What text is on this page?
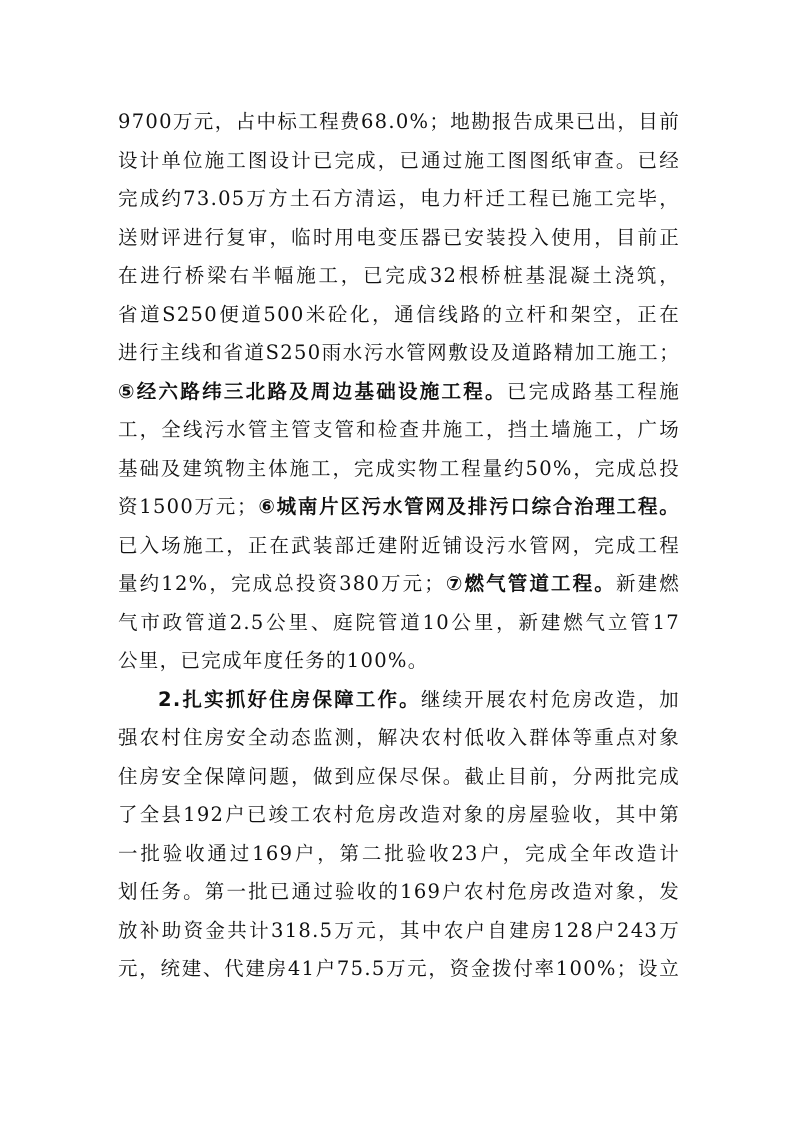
9700万元，占中标工程费68.0%；地勘报告成果已出，目前
设计单位施工图设计已完成，已通过施工图图纸审查。已经
完成约73.05万方土石方清运，电力杆迁工程已施工完毕，
送财评进行复审，临时用电变压器已安装投入使用，目前正
在进行桥梁右半幅施工，已完成32根桥桩基混凝土浇筑，
省道S250便道500米砼化，通信线路的立杆和架空，正在
进行主线和省道S250雨水污水管网敷设及道路精加工施工；
⑤经六路纬三北路及周边基础设施工程。已完成路基工程施
工，全线污水管主管支管和检查井施工，挡土墙施工，广场
基础及建筑物主体施工，完成实物工程量约50%，完成总投
资1500万元；⑥城南片区污水管网及排污口综合治理工程。
已入场施工，正在武装部迁建附近铺设污水管网，完成工程
量约12%，完成总投资380万元；⑦燃气管道工程。新建燃
气市政管道2.5公里、庭院管道10公里，新建燃气立管17
公里，已完成年度任务的100%。
2.扎实抓好住房保障工作。继续开展农村危房改造，加
强农村住房安全动态监测，解决农村低收入群体等重点对象
住房安全保障问题，做到应保尽保。截止目前，分两批完成
了全县192户已竣工农村危房改造对象的房屋验收，其中第
一批验收通过169户，第二批验收23户，完成全年改造计
划任务。第一批已通过验收的169户农村危房改造对象，发
放补助资金共计318.5万元，其中农户自建房128户243万
元，统建、代建房41户75.5万元，资金拨付率100%；设立
